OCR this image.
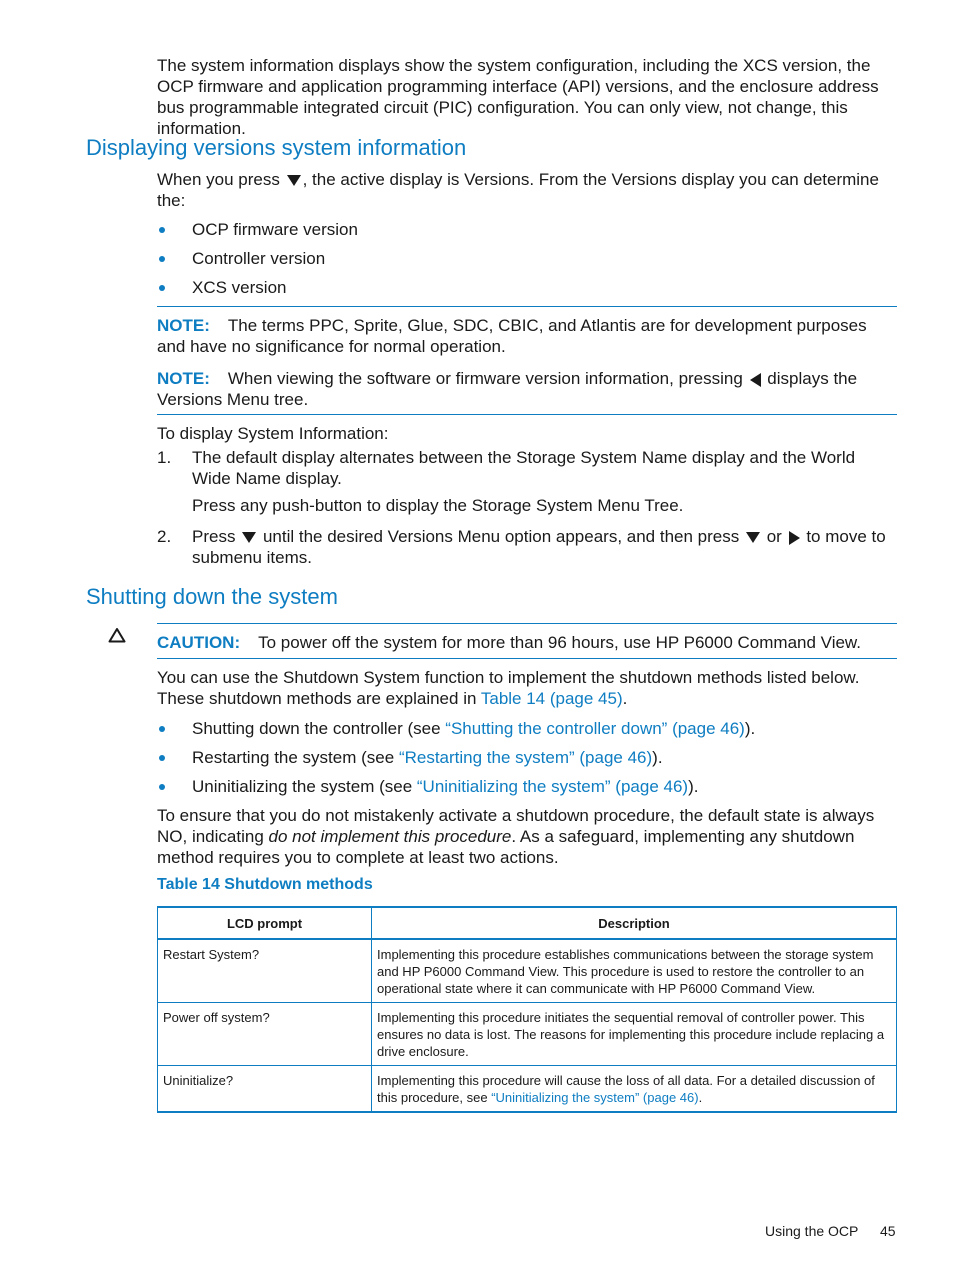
The system information displays show the system configuration, including the XCS version, the OCP firmware and application programming interface (API) versions, and the enclosure address bus programmable integrated circuit (PIC) configuration. You can only view, not change, this information.
Displaying versions system information
When you press , the active display is Versions. From the Versions display you can determine the:
OCP firmware version
Controller version
XCS version
NOTE: The terms PPC, Sprite, Glue, SDC, CBIC, and Atlantis are for development purposes and have no significance for normal operation.
NOTE: When viewing the software or firmware version information, pressing displays the Versions Menu tree.
To display System Information:
1. The default display alternates between the Storage System Name display and the World Wide Name display.
Press any push-button to display the Storage System Menu Tree.
2. Press until the desired Versions Menu option appears, and then press or to move to submenu items.
Shutting down the system
CAUTION: To power off the system for more than 96 hours, use HP P6000 Command View.
You can use the Shutdown System function to implement the shutdown methods listed below. These shutdown methods are explained in Table 14 (page 45).
Shutting down the controller (see “Shutting the controller down” (page 46)).
Restarting the system (see “Restarting the system” (page 46)).
Uninitializing the system (see “Uninitializing the system” (page 46)).
To ensure that you do not mistakenly activate a shutdown procedure, the default state is always NO, indicating do not implement this procedure. As a safeguard, implementing any shutdown method requires you to complete at least two actions.
Table 14 Shutdown methods
LCD prompt	Description
Restart System?	Implementing this procedure establishes communications between the storage system and HP P6000 Command View. This procedure is used to restore the controller to an operational state where it can communicate with HP P6000 Command View.
Power off system?	Implementing this procedure initiates the sequential removal of controller power. This ensures no data is lost. The reasons for implementing this procedure include replacing a drive enclosure.
Uninitialize?	Implementing this procedure will cause the loss of all data. For a detailed discussion of this procedure, see “Uninitializing the system” (page 46).
Using the OCP 45
